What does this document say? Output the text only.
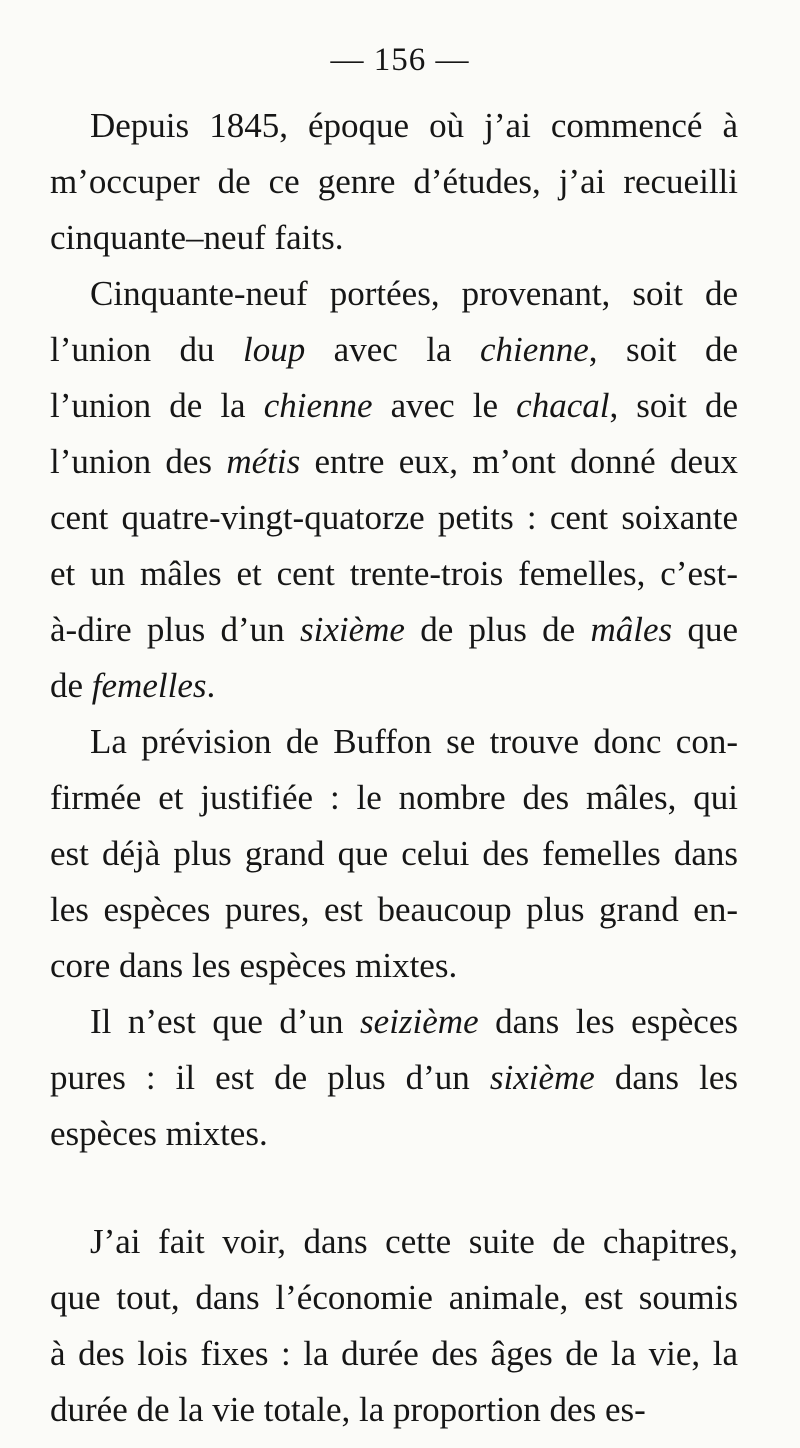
— 156 —
Depuis 1845, époque où j’ai commencé à
m’occuper de ce genre d’études, j’ai recueilli
cinquante–neuf faits.
Cinquante-neuf portées, provenant, soit de
l’union du loup avec la chienne, soit de
l’union de la chienne avec le chacal, soit de
l’union des métis entre eux, m’ont donné deux
cent quatre-vingt-quatorze petits : cent soixante
et un mâles et cent trente-trois femelles, c’est-
à-dire plus d’un sixième de plus de mâles que
de femelles.
La prévision de Buffon se trouve donc con-
firmée et justifiée : le nombre des mâles, qui
est déjà plus grand que celui des femelles dans
les espèces pures, est beaucoup plus grand en-
core dans les espèces mixtes.
Il n’est que d’un seizième dans les espèces
pures : il est de plus d’un sixième dans les
espèces mixtes.
J’ai fait voir, dans cette suite de chapitres,
que tout, dans l’économie animale, est soumis
à des lois fixes : la durée des âges de la vie, la
durée de la vie totale, la proportion des es-
